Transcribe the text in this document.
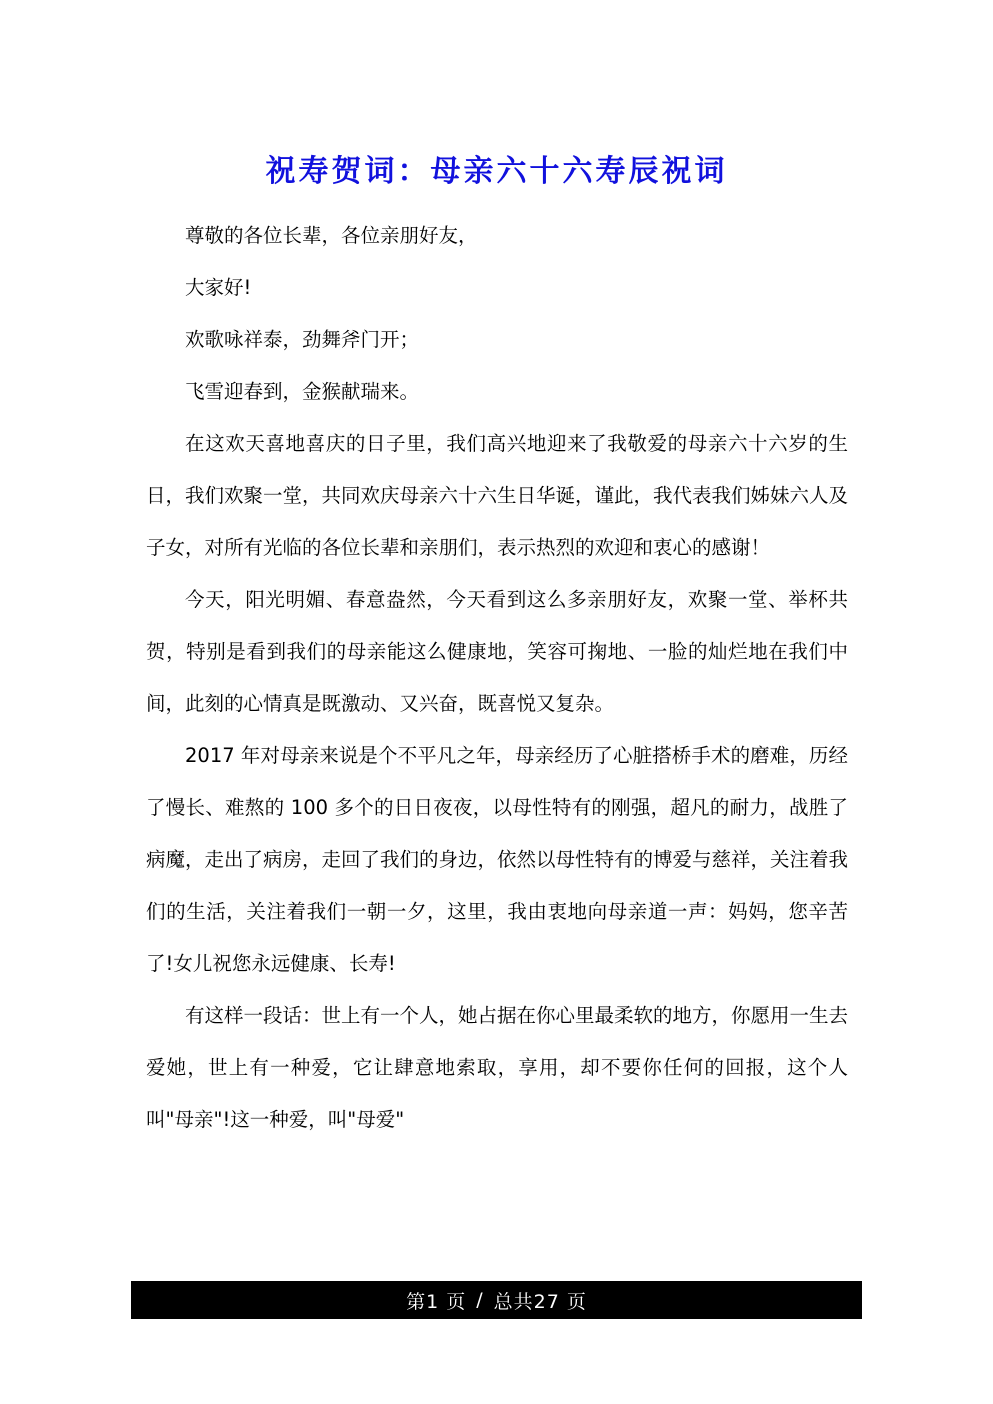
祝寿贺词：母亲六十六寿辰祝词

尊敬的各位长辈，各位亲朋好友，

大家好!

欢歌咏祥泰，劲舞斧门开；

飞雪迎春到，金猴献瑞来。

在这欢天喜地喜庆的日子里，我们高兴地迎来了我敬爱的母亲六十六岁的生日，我们欢聚一堂，共同欢庆母亲六十六生日华诞，谨此，我代表我们姊妹六人及子女，对所有光临的各位长辈和亲朋们，表示热烈的欢迎和衷心的感谢！

今天，阳光明媚、春意盎然，今天看到这么多亲朋好友，欢聚一堂、举杯共贺，特别是看到我们的母亲能这么健康地，笑容可掬地、一脸的灿烂地在我们中间，此刻的心情真是既激动、又兴奋，既喜悦又复杂。

2017 年对母亲来说是个不平凡之年，母亲经历了心脏搭桥手术的磨难，历经了慢长、难熬的 100 多个的日日夜夜，以母性特有的刚强，超凡的耐力，战胜了病魔，走出了病房，走回了我们的身边，依然以母性特有的博爱与慈祥，关注着我们的生活，关注着我们一朝一夕，这里，我由衷地向母亲道一声：妈妈，您辛苦了!女儿祝您永远健康、长寿!

有这样一段话：世上有一个人，她占据在你心里最柔软的地方，你愿用一生去爱她，世上有一种爱，它让肆意地索取，享用，却不要你任何的回报，这个人叫"母亲"!这一种爱，叫"母爱"

第1 页 / 总共27 页
